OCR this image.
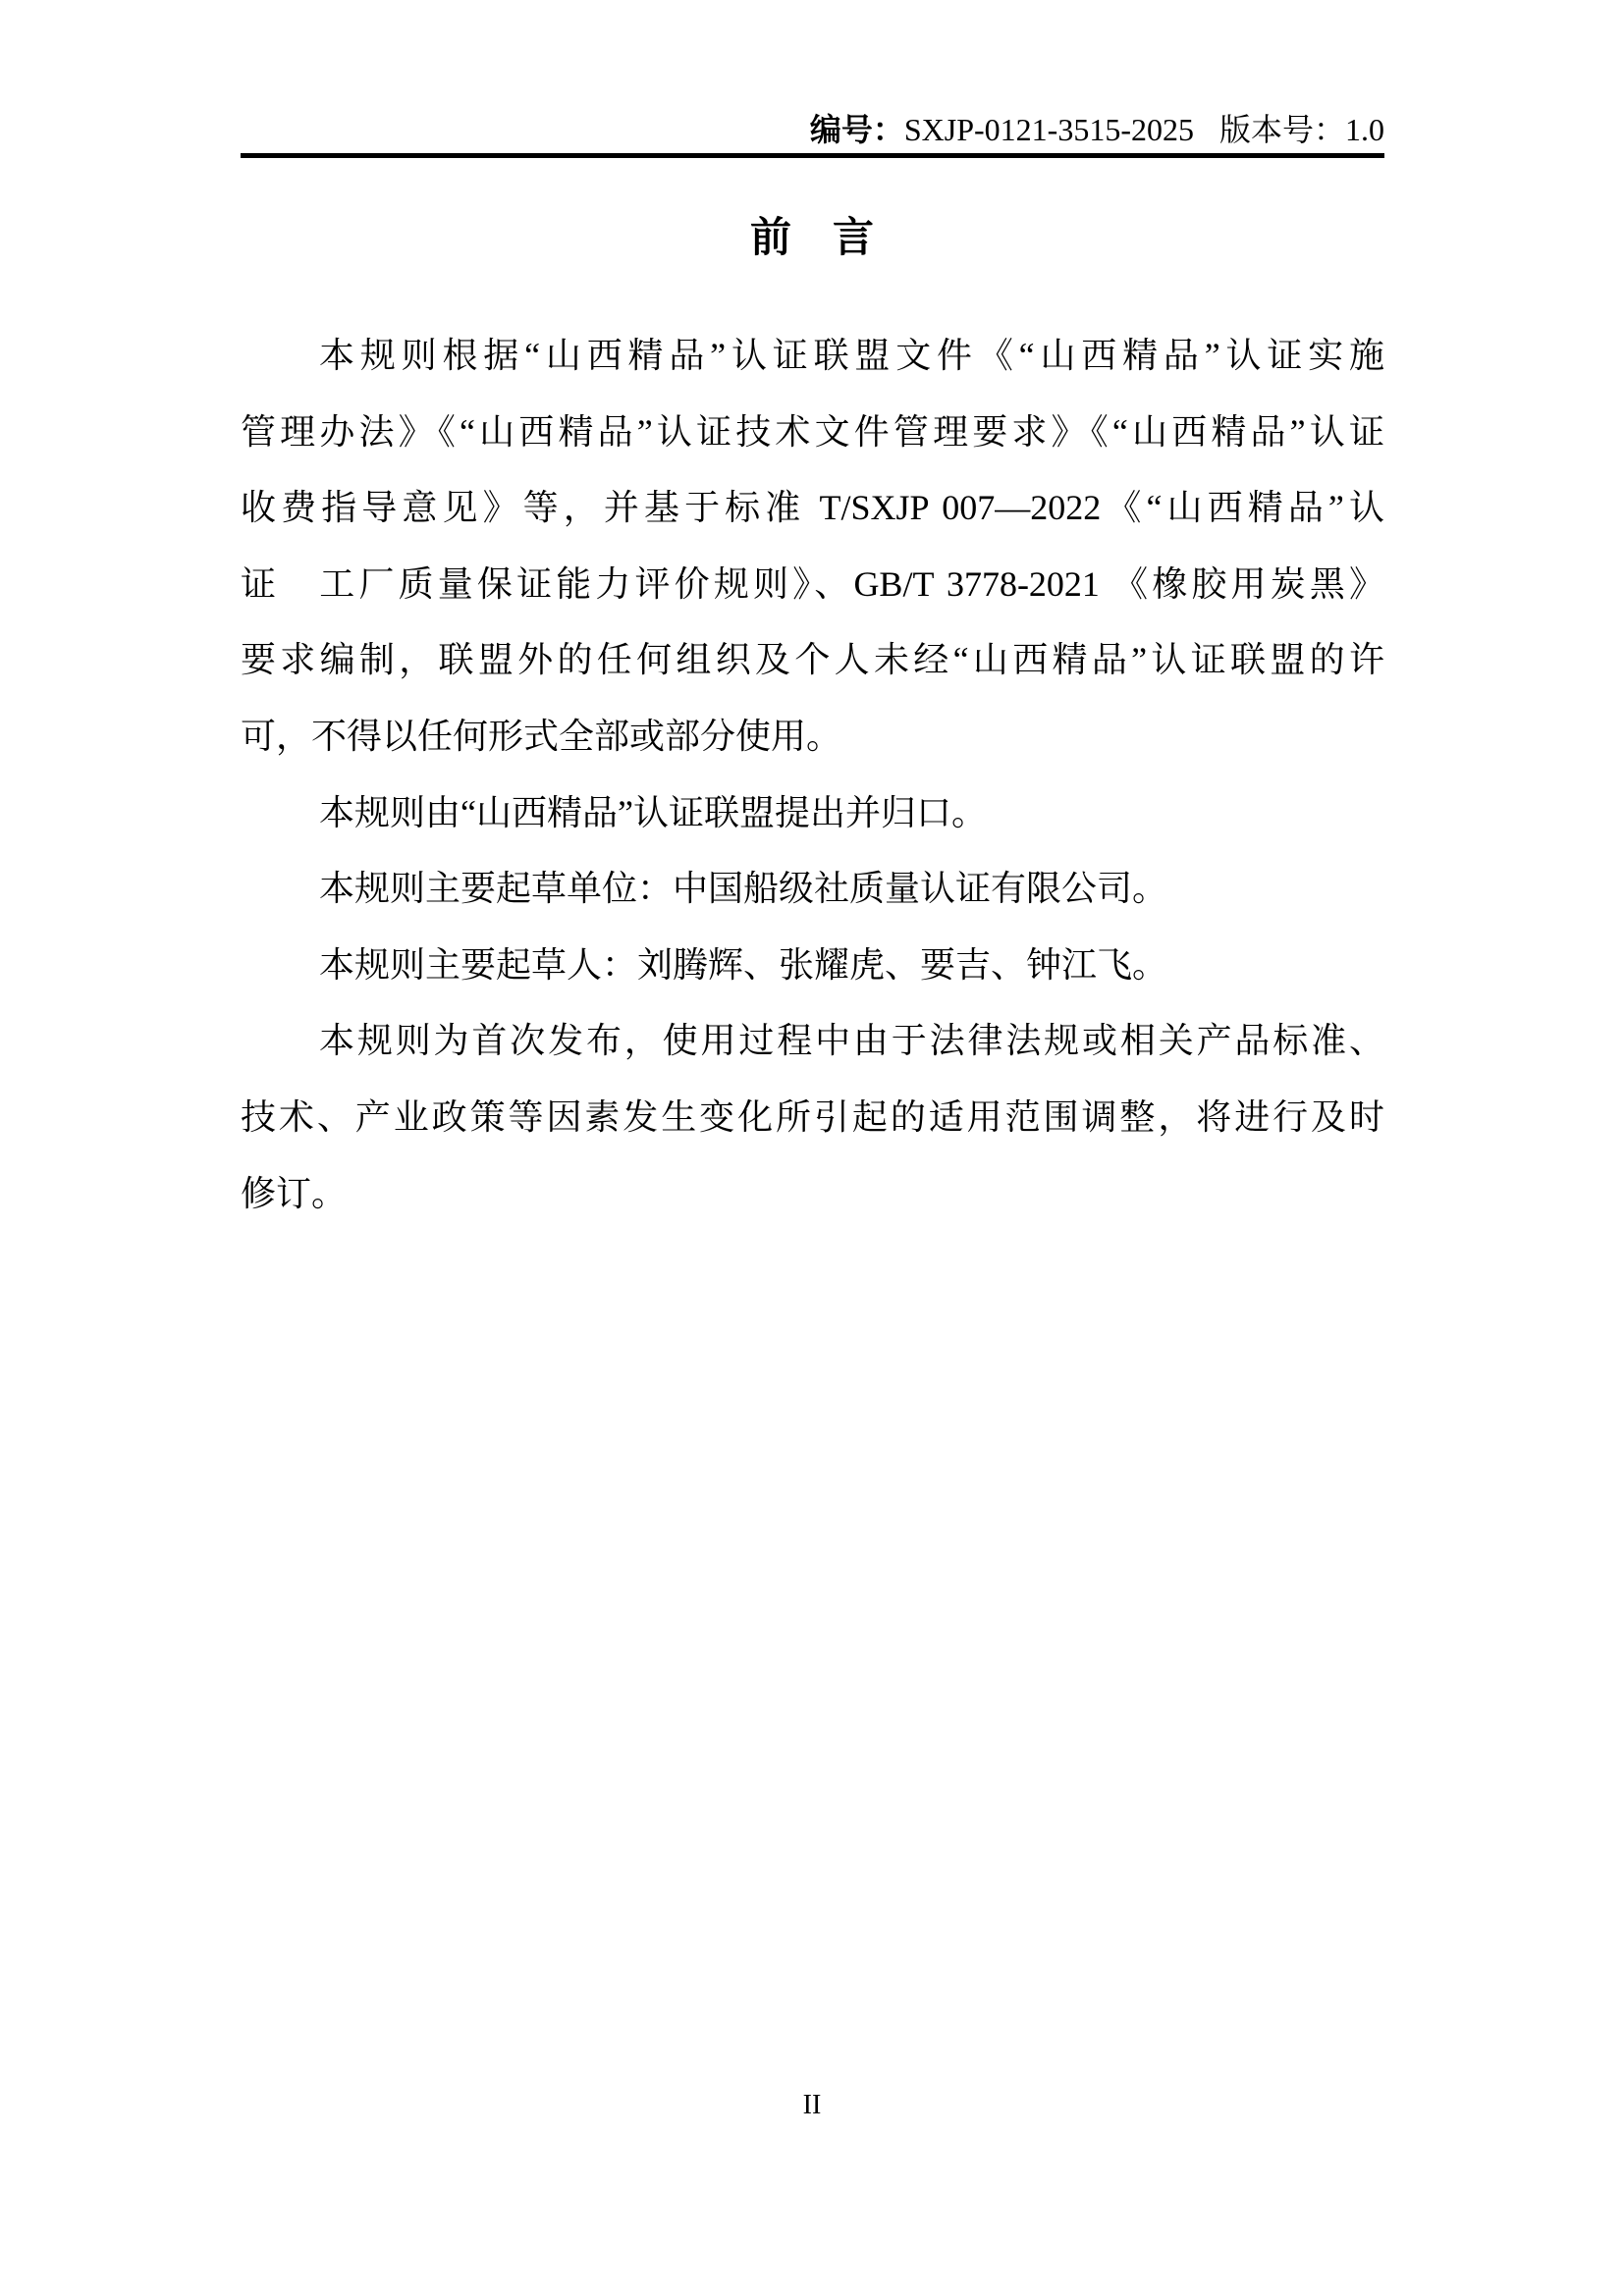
编号：SXJP-0121-3515-2025 版本号：1.0
前　言
本规则根据“山西精品”认证联盟文件《“山西精品”认证实施
管理办法》《“山西精品”认证技术文件管理要求》《“山西精品”认证
收费指导意见》等，并基于标准 T/SXJP 007—2022《“山西精品”认
证　工厂质量保证能力评价规则》、GB/T 3778-2021 《橡胶用炭黑》
要求编制，联盟外的任何组织及个人未经“山西精品”认证联盟的许
可，不得以任何形式全部或部分使用。
本规则由“山西精品”认证联盟提出并归口。
本规则主要起草单位：中国船级社质量认证有限公司。
本规则主要起草人：刘腾辉、张耀虎、要吉、钟江飞。
本规则为首次发布，使用过程中由于法律法规或相关产品标准、
技术、产业政策等因素发生变化所引起的适用范围调整，将进行及时
修订。
II
